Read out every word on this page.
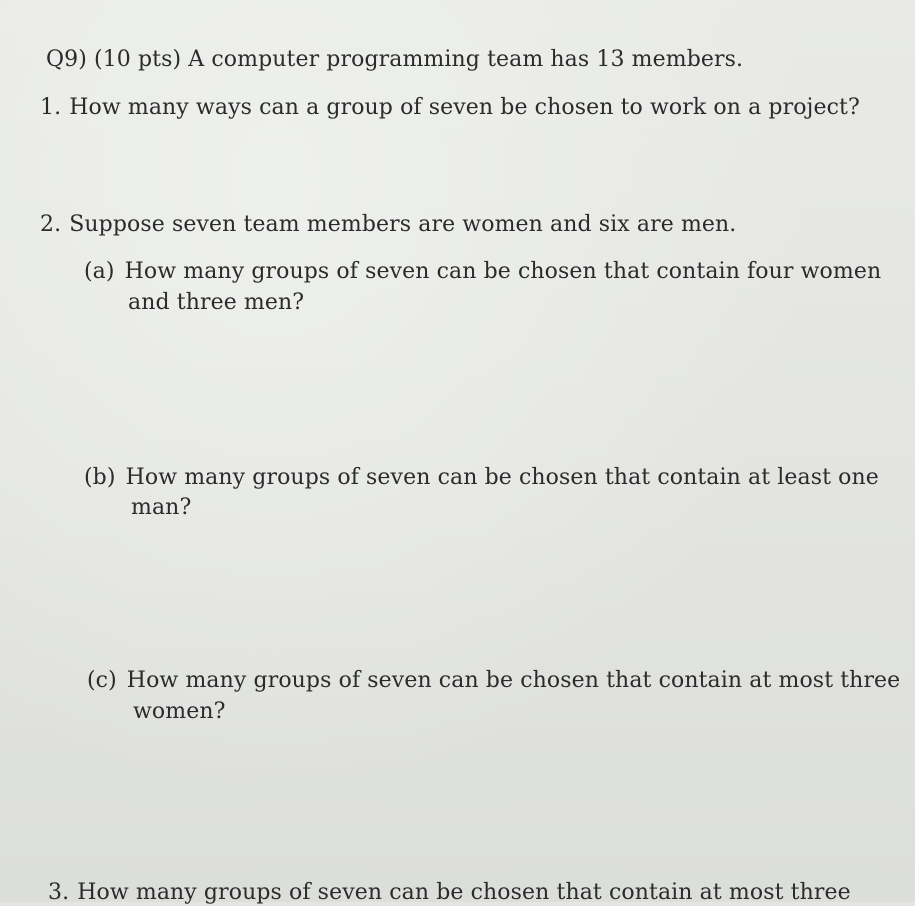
Q9) (10 pts) A computer programming team has 13 members.
1. How many ways can a group of seven be chosen to work on a project?
2. Suppose seven team members are women and six are men.
(a) How many groups of seven can be chosen that contain four women
and three men?
(b) How many groups of seven can be chosen that contain at least one
man?
(c) How many groups of seven can be chosen that contain at most three
women?
3. How many groups of seven can be chosen that contain at most three
